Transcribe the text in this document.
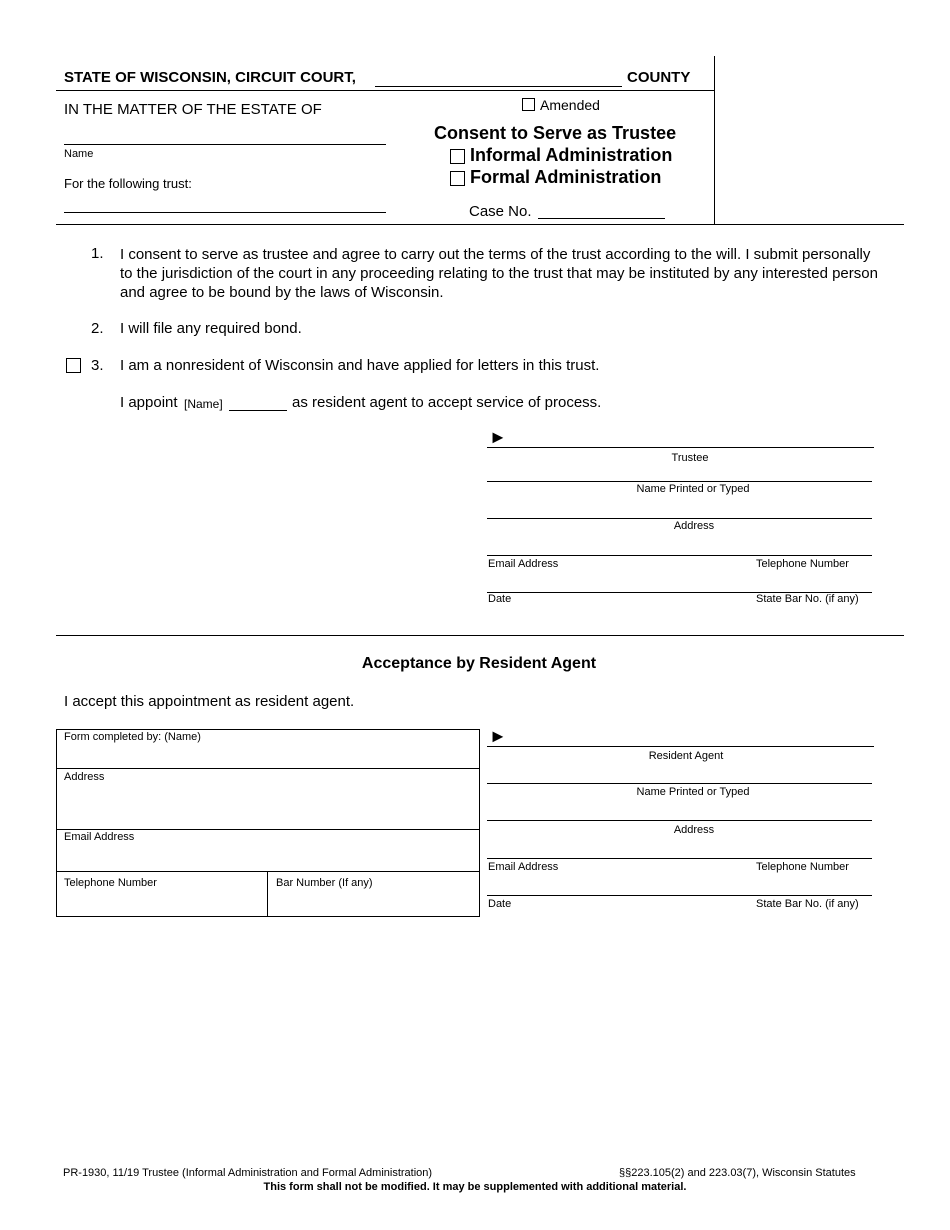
STATE OF WISCONSIN, CIRCUIT COURT,	COUNTY
IN THE MATTER OF THE ESTATE OF
Name
For the following trust:
Amended
Consent to Serve as Trustee
Informal Administration
Formal Administration
Case No.
1. I consent to serve as trustee and agree to carry out the terms of the trust according to the will. I submit personally to the jurisdiction of the court in any proceeding relating to the trust that may be instituted by any interested person and agree to be bound by the laws of Wisconsin.
2. I will file any required bond.
3. I am a nonresident of Wisconsin and have applied for letters in this trust.
I appoint [Name]	as resident agent to accept service of process.
►
Trustee
Name Printed or Typed
Address
Email Address	Telephone Number
Date	State Bar No. (if any)
Acceptance by Resident Agent
I accept this appointment as resident agent.
Form completed by: (Name)
Address
Email Address
Telephone Number	Bar Number (If any)
►
Resident Agent
Name Printed or Typed
Address
Email Address	Telephone Number
Date	State Bar No. (if any)
PR-1930, 11/19 Trustee (Informal Administration and Formal Administration)	§§223.105(2) and 223.03(7), Wisconsin Statutes
This form shall not be modified. It may be supplemented with additional material.
